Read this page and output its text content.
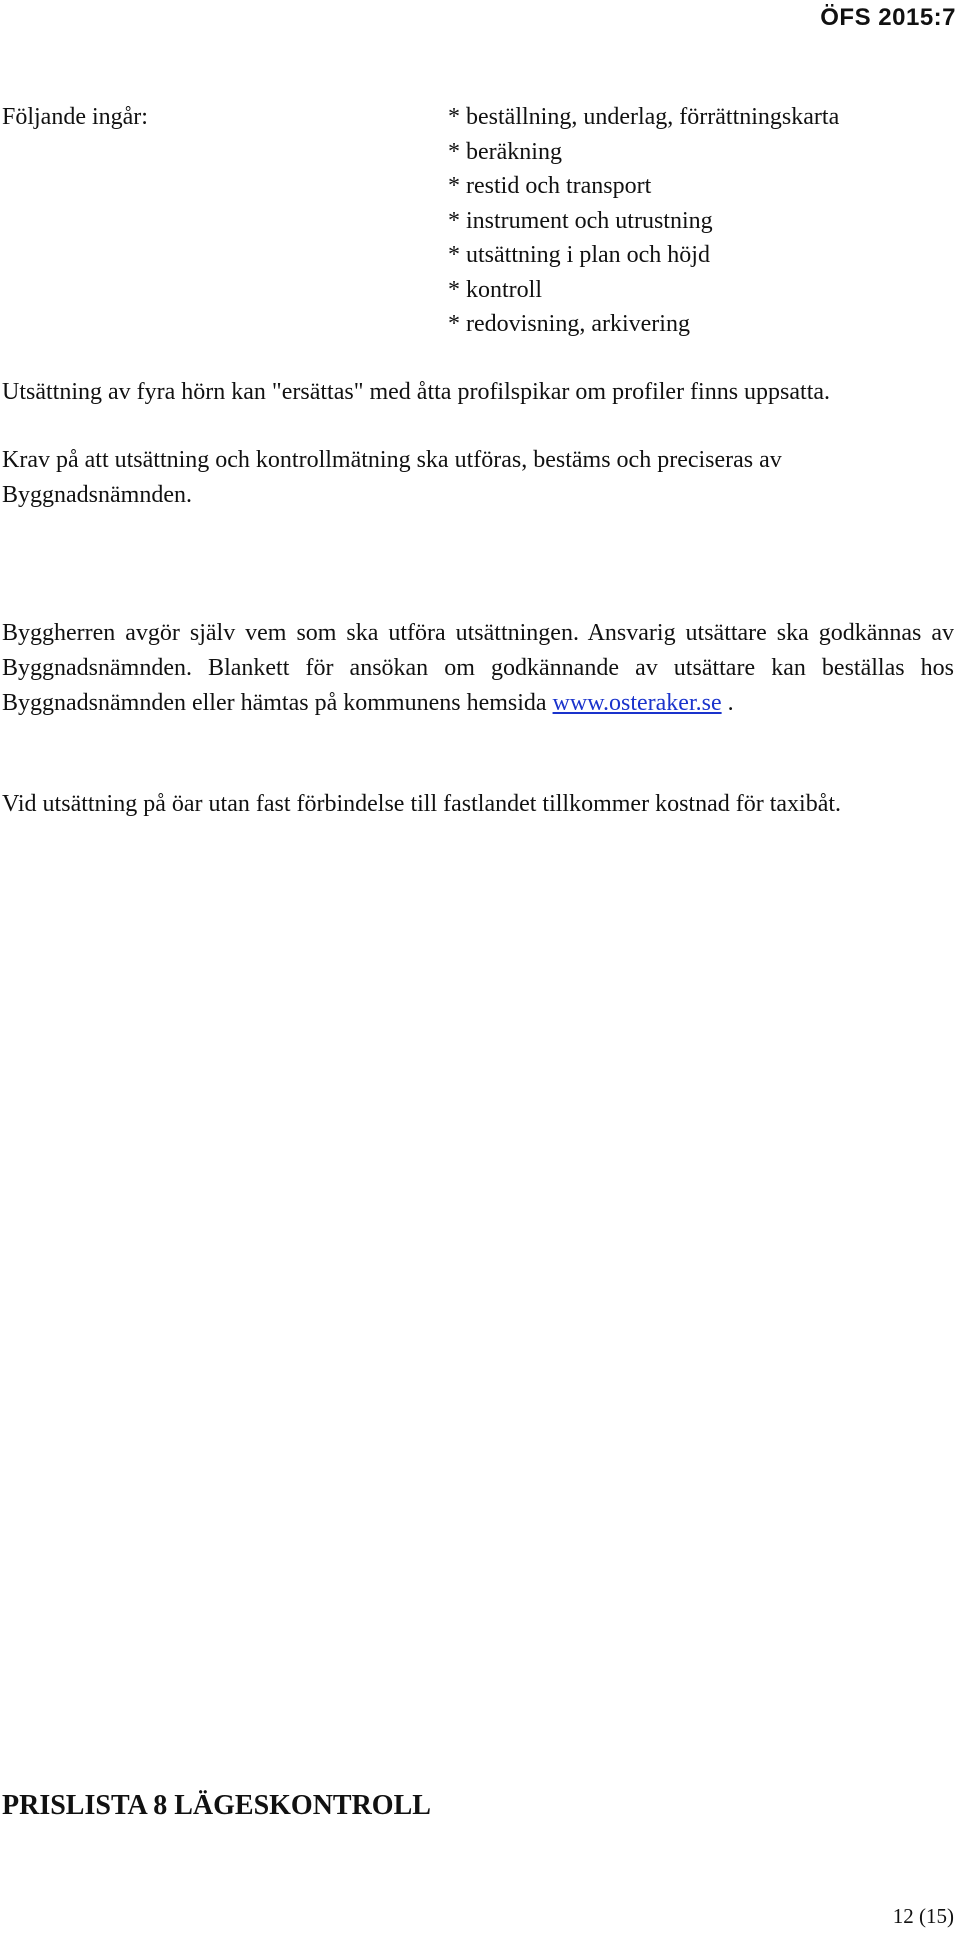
ÖFS 2015:7
Följande ingår:	* beställning, underlag, förrättningskarta
* beräkning
* restid och transport
* instrument och utrustning
* utsättning i plan och höjd
* kontroll
* redovisning, arkivering

Utsättning av fyra hörn kan "ersättas" med åtta profilspikar om profiler finns uppsatta.

Krav på att utsättning och kontrollmätning ska utföras, bestäms och preciseras av Byggnadsnämnden.

Byggherren avgör själv vem som ska utföra utsättningen. Ansvarig utsättare ska godkännas av Byggnadsnämnden. Blankett för ansökan om godkännande av utsättare kan beställas hos Byggnadsnämnden eller hämtas på kommunens hemsida www.osteraker.se .

Vid utsättning på öar utan fast förbindelse till fastlandet tillkommer kostnad för taxibåt.

PRISLISTA 8 LÄGESKONTROLL
12 (15)
